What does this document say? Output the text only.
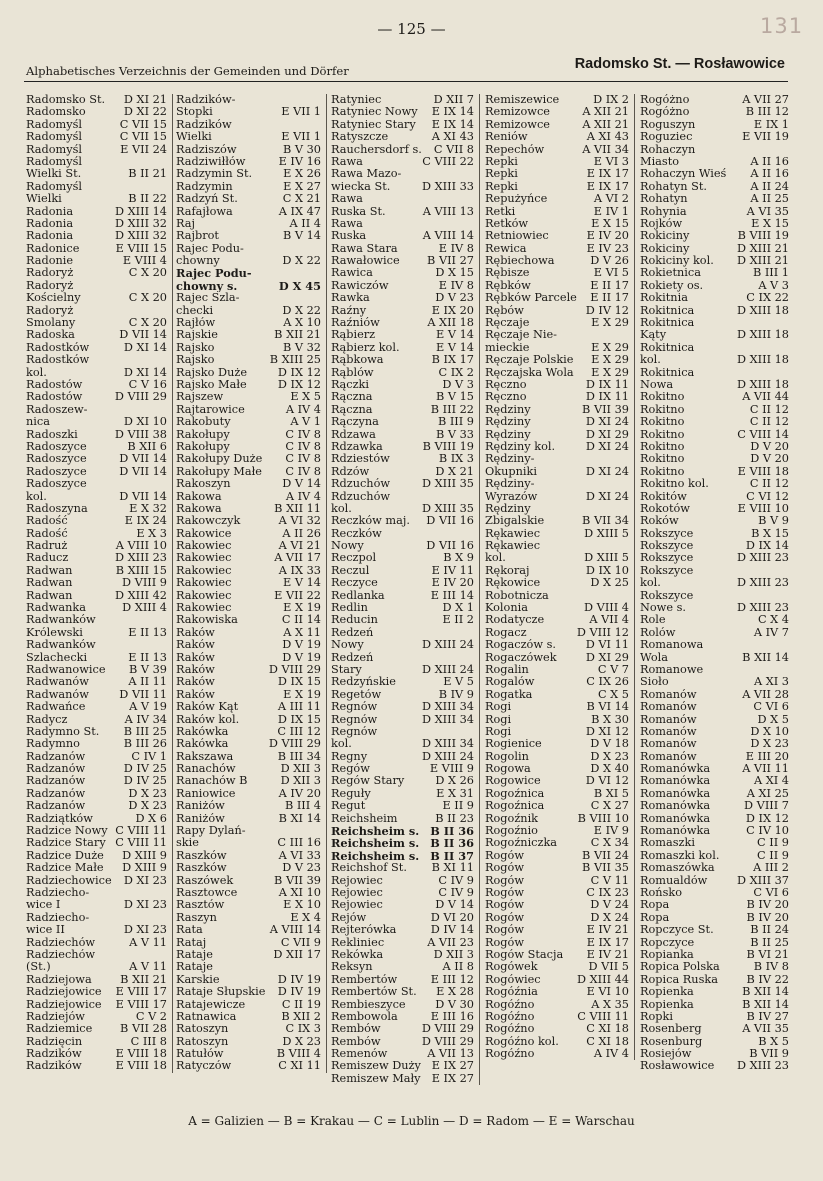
— 125 —	131
Alphabetisches Verzeichnis der Gemeinden und Dörfer	Radomsko St. — Rosławowice
Radomsko St.	D XI 21
Radomsko	D XI 22
Radomyśl	C VII 15
Radomyśl	C VII 15
Radomyśl	E VII 24
Radomyśl
Wielki St.	B II 21
Radomyśl
Wielki	B II 22
Radonia	D XIII 14
Radonia	D XIII 32
Radonia	D XIII 32
Radonice	E VIII 15
Radonie	E VIII 4
Radoryż	C X 20
Radoryż
Kościelny	C X 20
Radoryż
Smolany	C X 20
Radoska	D VII 14
Radostków	D XI 14
Radostków
kol.	D XI 14
Radostów	C V 16
Radostów	D VIII 29
Radoszew-
nica	D XI 10
Radoszki	D VIII 38
Radoszyce	B XII 6
Radoszyce	D VII 14
Radoszyce	D VII 14
Radoszyce
kol.	D VII 14
Radoszyna	E X 32
Radość	E IX 24
Radość	E X 3
Radruż	A VIII 10
Raducz	D XIII 23
Radwan	B XIII 15
Radwan	D VIII 9
Radwan	D XIII 42
Radwanka	D XIII 4
Radwanków
Królewski	E II 13
Radwanków
Szlachecki	E II 13
Radwanowice	B V 39
Radwanów	A II 11
Radwanów	D VII 11
Radwańce	A V 19
Radycz	A IV 34
Radymno St.	B III 25
Radymno	B III 26
Radzanów	C IV 1
Radzanów	D IV 25
Radzanów	D IV 25
Radzanów	D X 23
Radzanów	D X 23
Radziątków	D X 6
Radzice Nowy C VIII 11
Radzice Stary C VIII 11
Radzice Duże	D XIII 9
Radzice Małe	D XIII 9
Radziechowice	D XI 23
Radziecho-
wice I	D XI 23
Radziecho-
wice II	D XI 23
Radziechów	A V 11
Radziechów
(St.)	A V 11
Radziejowa	B XII 21
Radziejowice	E VIII 17
Radziejowice	E VIII 17
Radziejów	C V 2
Radziemice	B VII 28
Radzięcin	C III 8
Radzików	E VIII 18
Radzików	E VIII 18
Radzików-
Stopki	E VII 1
Radzików
Wielki	E VII 1
Radziszów	B V 30
Radziwiłłów	E IV 16
Radzymin St.	E X 26
Radzymin	E X 27
Radzyń St.	C X 21
Rafajłowa	A IX 47
Raj	A II 4
Rajbrot	B V 14
Rajec Podu-
chowny	D X 22
Rajec Podu-
chowny s.	D X 45
Rajec Szla-
checki	D X 22
Rajłów	A X 10
Rajskie	B XII 21
Rajsko	B V 32
Rajsko	B XIII 25
Rajsko Duże	D IX 12
Rajsko Małe	D IX 12
Rajszew	E X 5
Rajtarowice	A IV 4
Rakobuty	A V 1
Rakołupy	C IV 8
Rakołupy	C IV 8
Rakołupy Duże	C IV 8
Rakołupy Małe	C IV 8
Rakoszyn	D V 14
Rakowa	A IV 4
Rakowa	B XII 11
Rakowczyk	A VI 32
Rakowice	A II 26
Rakowiec	A VI 21
Rakowiec	A VII 17
Rakowiec	A IX 33
Rakowiec	E V 14
Rakowiec	E VII 22
Rakowiec	E X 19
Rakowiska	C II 14
Raków	A X 11
Raków	D V 19
Raków	D V 19
Raków	D VIII 29
Raków	D IX 15
Raków	E X 19
Raków Kąt	A III 11
Raków kol.	D IX 15
Rakówka	C III 12
Rakówka	D VIII 29
Rakszawa	B III 34
Ranachów	D XII 3
Ranachów B	D XII 3
Raniowice	A IV 20
Raniżów	B III 4
Raniżów	B XI 14
Rapy Dylań-
skie	C III 16
Raszków	A VI 33
Raszków	D V 23
Raszówek	B VII 39
Rasztowce	A XI 10
Rasztów	E X 10
Raszyn	E X 4
Rata	A VIII 14
Rataj	C VII 9
Rataje	D XII 17
Rataje
Karskie	D IV 19
Rataje Słupskie	D IV 19
Ratajewicze	C II 19
Ratnawica	B XII 2
Ratoszyn	C IX 3
Ratoszyn	D X 23
Ratułów	B VIII 4
Ratyczów	C XI 11
Ratyniec	D XII 7
Ratyniec Nowy	E IX 14
Ratyniec Stary	E IX 14
Ratyszcze	A XI 43
Rauchersdorf s.	C VII 8
Rawa	C VIII 22
Rawa Mazo-
wiecka St.	D XIII 33
Rawa
Ruska St.	A VIII 13
Rawa
Ruska	A VIII 14
Rawa Stara	E IV 8
Rawałowice	B VII 27
Rawica	D X 15
Rawiczów	E IV 8
Rawka	D V 23
Raźny	E IX 20
Raźniów	A XII 18
Rąbierz	E V 14
Rąbierz kol.	E V 14
Rąbkowa	B IX 17
Rąblów	C IX 2
Rączki	D V 3
Rączna	B V 15
Rączna	B III 22
Rączyna	B III 9
Rdzawa	B V 33
Rdzawka	B VIII 19
Rdziestów	B IX 3
Rdzów	D X 21
Rdzuchów	D XIII 35
Rdzuchów
kol.	D XIII 35
Reczków maj.	D VII 16
Reczków
Nowy	D VII 16
Reczpol	B X 9
Reczul	E IV 11
Reczyce	E IV 20
Redlanka	E III 14
Redlin	D X 1
Reducin	E II 2
Redzeń
Nowy	D XIII 24
Redzeń
Stary	D XIII 24
Redzyńskie	E V 5
Regetów	B IV 9
Regnów	D XIII 34
Regnów	D XIII 34
Regnów
kol.	D XIII 34
Regny	D XIII 24
Regów	E VIII 9
Regów Stary	D X 26
Reguły	E X 31
Regut	E II 9
Reichsheim	B II 23
Reichsheim s. B II 36
Reichsheim s. B II 36
Reichsheim s. B II 37
Reichshof St.	B XI 11
Rejowiec	C IV 9
Rejowiec	C IV 9
Rejowiec	D V 14
Rejów	D VI 20
Rejterówka	D IV 14
Rekliniec	A VII 23
Rekówka	D XII 3
Reksyn	A II 8
Rembertów	E III 12
Rembertów St.	E X 28
Rembieszyce	D V 30
Rembowola	E III 16
Rembów	D VIII 29
Rembów	D VIII 29
Remenów	A VII 13
Remiszew Duży E IX 27
Remiszew Mały E IX 27
Remiszewice	D IX 2
Remizowce	A XII 21
Remizowce	A XII 21
Reniów	A XI 43
Repechów	A VII 34
Repki	E VI 3
Repki	E IX 17
Repki	E IX 17
Repużyńce	A VI 2
Retki	E IV 1
Retków	E X 15
Retniowiec	E IV 20
Rewica	E IV 23
Rębiechowa	D V 26
Rębisze	E VI 5
Rębków	E II 17
Rębków Parcele	E II 17
Rębów	D IV 12
Ręczaje	E X 29
Ręczaje Nie-
mieckie	E X 29
Ręczaje Polskie	E X 29
Ręczajska Wola	E X 29
Ręczno	D IX 11
Ręczno	D IX 11
Rędziny	B VII 39
Rędziny	D XI 24
Rędziny	D XI 29
Rędziny kol.	D XI 24
Rędziny-
Okupniki	D XI 24
Rędziny-
Wyrazów	D XI 24
Rędziny
Zbigalskie	B VII 34
Rękawiec	D XIII 5
Rękawiec
kol.	D XIII 5
Rękoraj	D IX 10
Rękowice	D X 25
Robotnicza
Kolonia	D VIII 4
Rodatycze	A VII 4
Rogacz	D VIII 12
Rogaczów s.	D VI 11
Rogaczówek	D XI 29
Rogalin	C V 7
Rogalów	C IX 26
Rogatka	C X 5
Rogi	B VI 14
Rogi	B X 30
Rogi	D XI 12
Rogienice	D V 18
Rogolin	D X 23
Rogowa	D X 40
Rogowice	D VI 12
Rogoźnica	B XI 5
Rogoźnica	C X 27
Rogoźnik	B VIII 10
Rogoźnio	E IV 9
Rogoźniczka	C X 34
Rogów	B VII 24
Rogów	B VII 35
Rogów	C V 11
Rogów	C IX 23
Rogów	D V 24
Rogów	D X 24
Rogów	E IV 21
Rogów	E IX 17
Rogów Stacja	E IV 21
Rogówek	D VII 5
Rogówiec	D XIII 44
Rogóźnia	E VI 10
Rogóźno	A X 35
Rogóźno	C VIII 11
Rogóźno	C XI 18
Rogóźno kol.	C XI 18
Rogóźno	A IV 4
Rogóżno	A VII 27
Rogóżno	B III 12
Roguszyn	E IX 1
Roguziec	E VII 19
Rohaczyn
Miasto	A II 16
Rohaczyn Wieś	A II 16
Rohatyn St.	A II 24
Rohatyn	A II 25
Rohynia	A VI 35
Rojków	E X 15
Rokiciny	B VIII 19
Rokiciny	D XIII 21
Rokiciny kol.	D XIII 21
Rokietnica	B III 1
Rokiety os.	A V 3
Rokitnia	C IX 22
Rokitnica	D XIII 18
Rokitnica
Kąty	D XIII 18
Rokitnica
kol.	D XIII 18
Rokitnica
Nowa	D XIII 18
Rokitno	A VII 44
Rokitno	C II 12
Rokitno	C II 12
Rokitno	C VIII 14
Rokitno	D V 20
Rokitno	D V 20
Rokitno	E VIII 18
Rokitno kol.	C II 12
Rokitów	C VI 12
Rokotów	E VIII 10
Roków	B V 9
Rokszyce	B X 15
Rokszyce	D IX 14
Rokszyce	D XIII 23
Rokszyce
kol.	D XIII 23
Rokszyce
Nowe s.	D XIII 23
Role	C X 4
Rolów	A IV 7
Romanowa
Wola	B XII 14
Romanowe
Sioło	A XI 3
Romanów	A VII 28
Romanów	C VI 6
Romanów	D X 5
Romanów	D X 10
Romanów	D X 23
Romanów	E III 20
Romanówka	A VII 11
Romanówka	A XI 4
Romanówka	A XI 25
Romanówka	D VIII 7
Romanówka	D IX 12
Romanówka	C IV 10
Romaszki	C II 9
Romaszki kol.	C II 9
Romaszówka	A III 2
Romualdów	D XIII 37
Rońsko	C VI 6
Ropa	B IV 20
Ropa	B IV 20
Ropczyce St.	B II 24
Ropczyce	B II 25
Ropianka	B VI 21
Ropica Polska	B IV 8
Ropica Ruska	B IV 22
Ropienka	B XII 14
Ropienka	B XII 14
Ropki	B IV 27
Rosenberg	A VII 35
Rosenburg	B X 5
Rosiejów	B VII 9
Rosławowice	D XIII 23
A = Galizien — B = Krakau — C = Lublin — D = Radom — E = Warschau
